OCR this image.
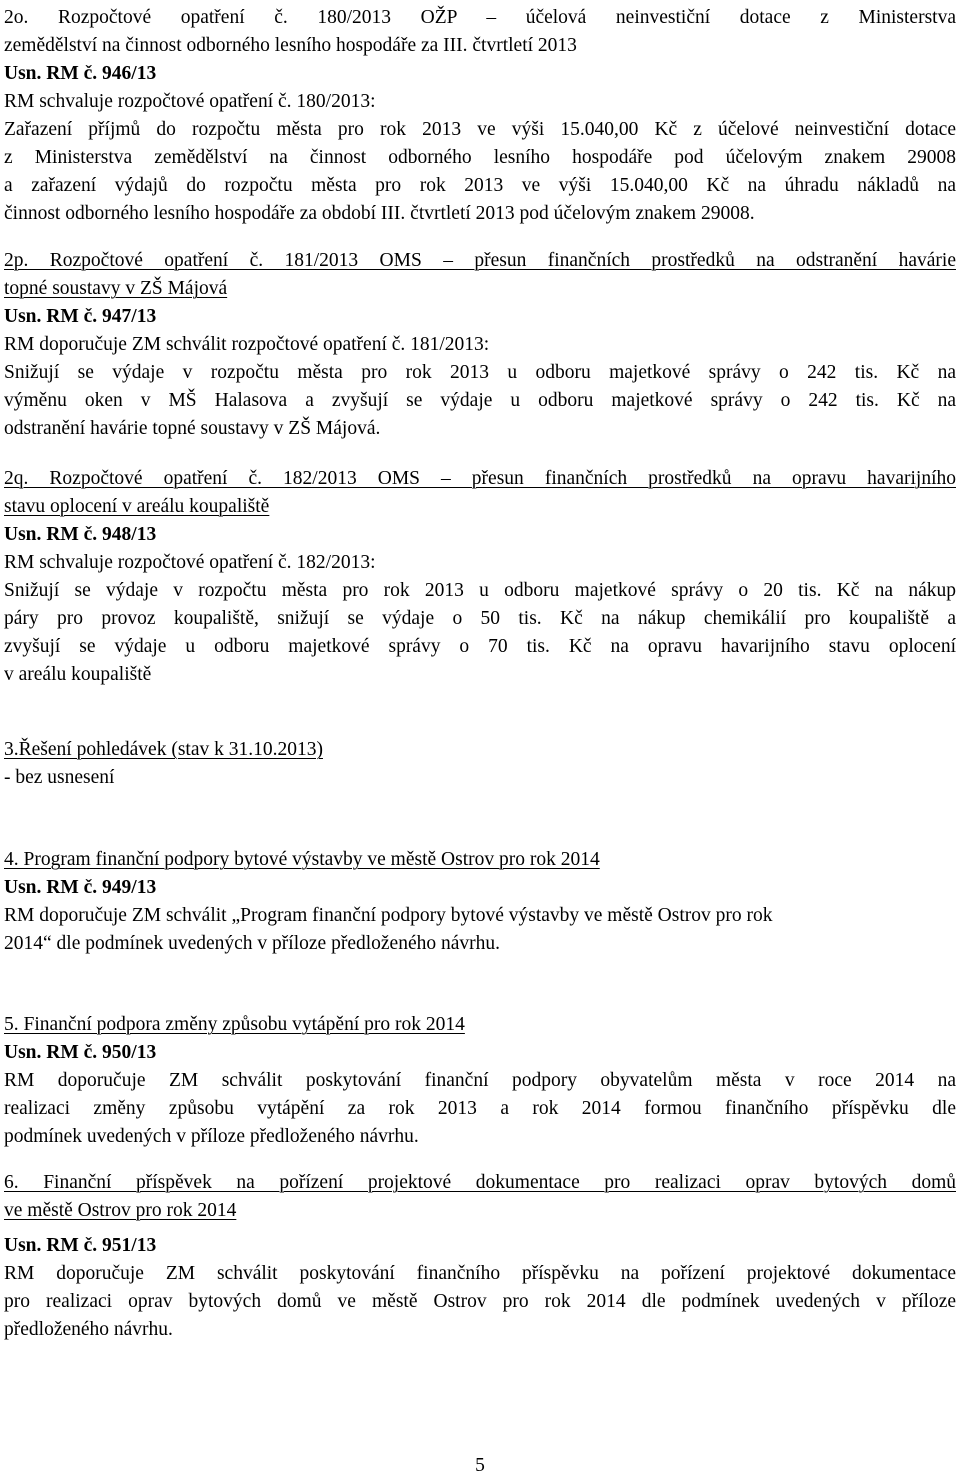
2o. Rozpočtové opatření č. 180/2013 OŽP – účelová neinvestiční dotace z Ministerstva
zemědělství na činnost odborného lesního hospodáře za III. čtvrtletí 2013
Usn. RM č. 946/13
RM schvaluje rozpočtové opatření č. 180/2013:
Zařazení příjmů do rozpočtu města pro rok 2013 ve výši 15.040,00 Kč z účelové neinvestiční dotace
z Ministerstva zemědělství na činnost odborného lesního hospodáře pod účelovým znakem 29008
a zařazení výdajů do rozpočtu města pro rok 2013 ve výši 15.040,00 Kč na úhradu nákladů na
činnost odborného lesního hospodáře za období III. čtvrtletí 2013 pod účelovým znakem 29008.
2p. Rozpočtové opatření č. 181/2013 OMS – přesun finančních prostředků na odstranění havárie
topné soustavy v ZŠ Májová
Usn. RM č. 947/13
RM doporučuje ZM schválit rozpočtové opatření č. 181/2013:
Snižují se výdaje v rozpočtu města pro rok 2013 u odboru majetkové správy o 242 tis. Kč na
výměnu oken v MŠ Halasova a zvyšují se výdaje u odboru majetkové správy o 242 tis. Kč na
odstranění havárie topné soustavy v ZŠ Májová.
2q. Rozpočtové opatření č. 182/2013 OMS – přesun finančních prostředků na opravu havarijního
stavu oplocení v areálu koupaliště
Usn. RM č. 948/13
RM schvaluje rozpočtové opatření č. 182/2013:
Snižují se výdaje v rozpočtu města pro rok 2013 u odboru majetkové správy o 20 tis. Kč na nákup
páry pro provoz koupaliště, snižují se výdaje o 50 tis. Kč na nákup chemikálií pro koupaliště a
zvyšují se výdaje u odboru majetkové správy o 70 tis. Kč na opravu havarijního stavu oplocení
v areálu koupaliště
3.Řešení pohledávek (stav k 31.10.2013)
- bez usnesení
4. Program finanční podpory bytové výstavby ve městě Ostrov pro rok 2014
Usn. RM č. 949/13
RM doporučuje ZM schválit „Program finanční podpory bytové výstavby ve městě Ostrov pro rok
2014“ dle podmínek uvedených v příloze předloženého návrhu.
5. Finanční podpora změny způsobu vytápění pro rok 2014
Usn. RM č. 950/13
RM doporučuje ZM schválit poskytování finanční podpory obyvatelům města v roce 2014 na
realizaci změny způsobu vytápění za rok 2013 a rok 2014 formou finančního příspěvku dle
podmínek uvedených v příloze předloženého návrhu.
6. Finanční příspěvek na pořízení projektové dokumentace pro realizaci oprav bytových domů
ve městě Ostrov pro rok 2014
Usn. RM č. 951/13
RM doporučuje ZM schválit poskytování finančního příspěvku na pořízení projektové dokumentace
pro realizaci oprav bytových domů ve městě Ostrov pro rok 2014 dle podmínek uvedených v příloze
předloženého návrhu.
5
